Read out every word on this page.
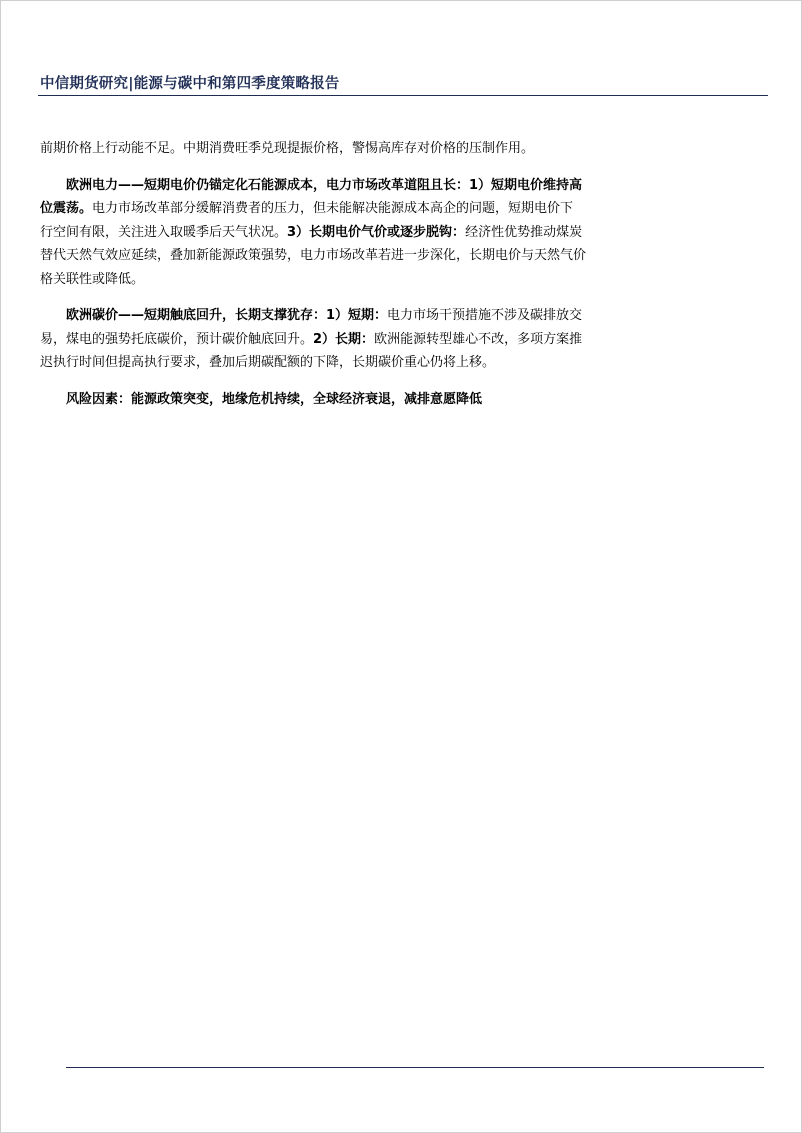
中信期货研究|能源与碳中和第四季度策略报告

前期价格上行动能不足。中期消费旺季兑现提振价格，警惕高库存对价格的压制作用。

欧洲电力——短期电价仍锚定化石能源成本，电力市场改革道阻且长：1）短期电价维持高位震荡。电力市场改革部分缓解消费者的压力，但未能解决能源成本高企的问题，短期电价下行空间有限，关注进入取暖季后天气状况。3）长期电价气价或逐步脱钩：经济性优势推动煤炭替代天然气效应延续，叠加新能源政策强势，电力市场改革若进一步深化，长期电价与天然气价格关联性或降低。

欧洲碳价——短期触底回升，长期支撑犹存：1）短期：电力市场干预措施不涉及碳排放交易，煤电的强势托底碳价，预计碳价触底回升。2）长期：欧洲能源转型雄心不改，多项方案推迟执行时间但提高执行要求，叠加后期碳配额的下降，长期碳价重心仍将上移。

风险因素：能源政策突变，地缘危机持续，全球经济衰退，减排意愿降低
